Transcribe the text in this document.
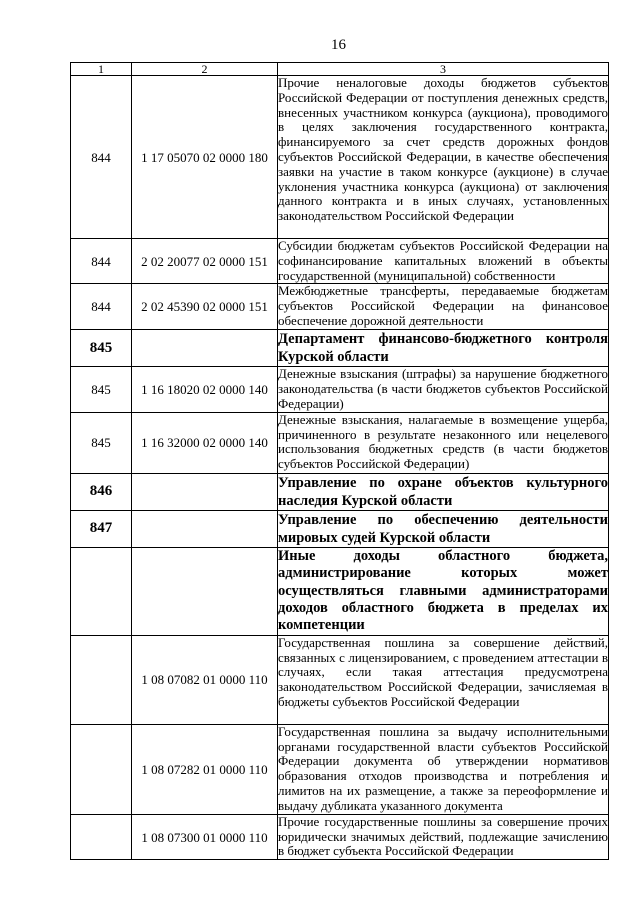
16
1	2	3
844	1 17 05070 02 0000 180	Прочие неналоговые доходы бюджетов субъектов Российской Федерации от поступления денежных средств, внесенных участником конкурса (аукциона), проводимого в целях заключения государственного контракта, финансируемого за счет средств дорожных фондов субъектов Российской Федерации, в качестве обеспечения заявки на участие в таком конкурсе (аукционе) в случае уклонения участника конкурса (аукциона) от заключения данного контракта и в иных случаях, установленных законодательством Российской Федерации
844	2 02 20077 02 0000 151	Субсидии бюджетам субъектов Российской Федерации на софинансирование капитальных вложений в объекты государственной (муниципальной) собственности
844	2 02 45390 02 0000 151	Межбюджетные трансферты, передаваемые бюджетам субъектов Российской Федерации на финансовое обеспечение дорожной деятельности
845		Департамент финансово-бюджетного контроля Курской области
845	1 16 18020 02 0000 140	Денежные взыскания (штрафы) за нарушение бюджетного законодательства (в части бюджетов субъектов Российской Федерации)
845	1 16 32000 02 0000 140	Денежные взыскания, налагаемые в возмещение ущерба, причиненного в результате незаконного или нецелевого использования бюджетных средств (в части бюджетов субъектов Российской Федерации)
846		Управление по охране объектов культурного наследия Курской области
847		Управление по обеспечению деятельности мировых судей Курской области
		Иные доходы областного бюджета, администрирование которых может осуществляться главными администраторами доходов областного бюджета в пределах их компетенции
	1 08 07082 01 0000 110	Государственная пошлина за совершение действий, связанных с лицензированием, с проведением аттестации в случаях, если такая аттестация предусмотрена законодательством Российской Федерации, зачисляемая в бюджеты субъектов Российской Федерации
	1 08 07282 01 0000 110	Государственная пошлина за выдачу исполнительными органами государственной власти субъектов Российской Федерации документа об утверждении нормативов образования отходов производства и потребления и лимитов на их размещение, а также за переоформление и выдачу дубликата указанного документа
	1 08 07300 01 0000 110	Прочие государственные пошлины за совершение прочих юридически значимых действий, подлежащие зачислению в бюджет субъекта Российской Федерации
